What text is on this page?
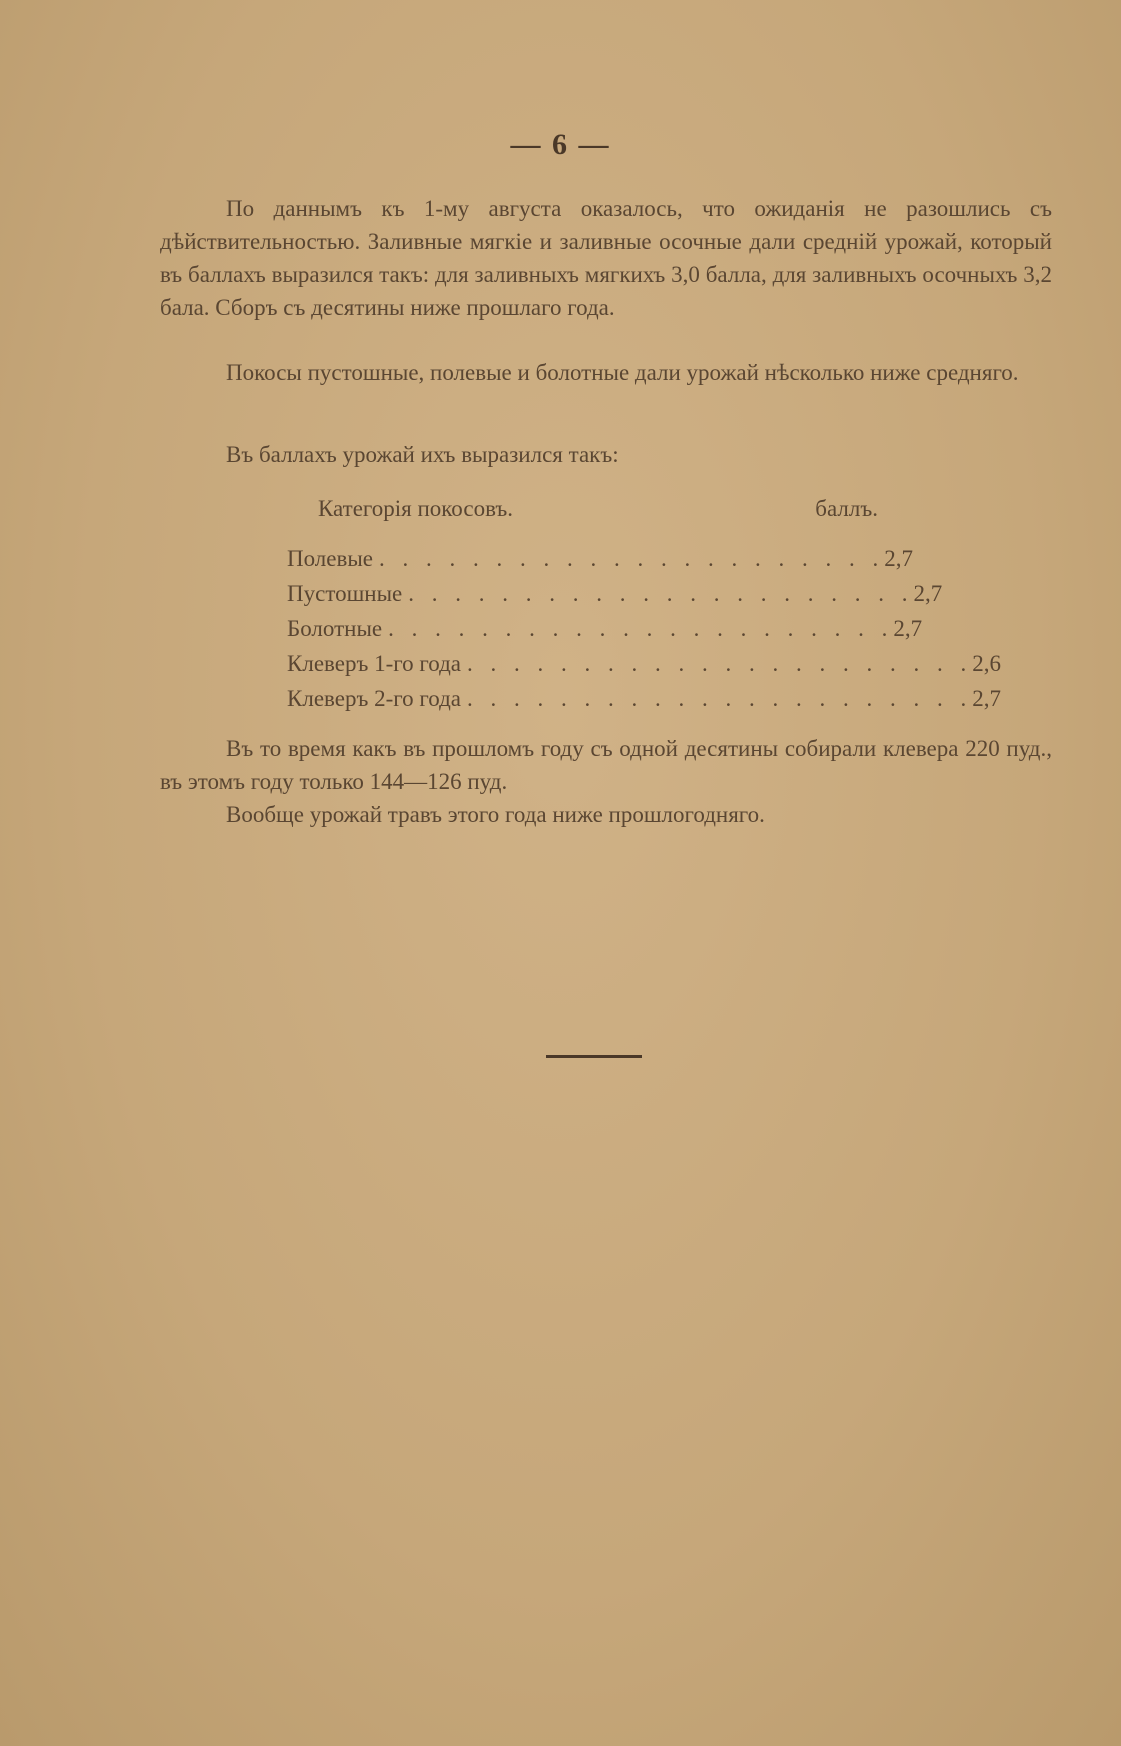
— 6 —

По даннымъ къ 1-му августа оказалось, что ожиданія не разошлись съ дѣйствительностью. Заливные мягкіе и заливные осочные дали средній урожай, который въ баллахъ выразился такъ: для заливныхъ мягкихъ 3,0 балла, для заливныхъ осочныхъ 3,2 бала. Сборъ съ десятины ниже прошлаго года.

Покосы пустошные, полевые и болотные дали урожай нѣсколько ниже средняго.

Въ баллахъ урожай ихъ выразился такъ:

Категорія покосовъ.	баллъ.
Полевые . . . . . . . . . . . . . . . . . . . . . . 2,7
Пустошные . . . . . . . . . . . . . . . . . . . . . . 2,7
Болотные . . . . . . . . . . . . . . . . . . . . . . 2,7
Клеверъ 1-го года . . . . . . . . . . . . . . . . . . . . . . 2,6
Клеверъ 2-го года . . . . . . . . . . . . . . . . . . . . . . 2,7

Въ то время какъ въ прошломъ году съ одной десятины собирали клевера 220 пуд., въ этомъ году только 144—126 пуд.

Вообще урожай травъ этого года ниже прошлогодняго.
